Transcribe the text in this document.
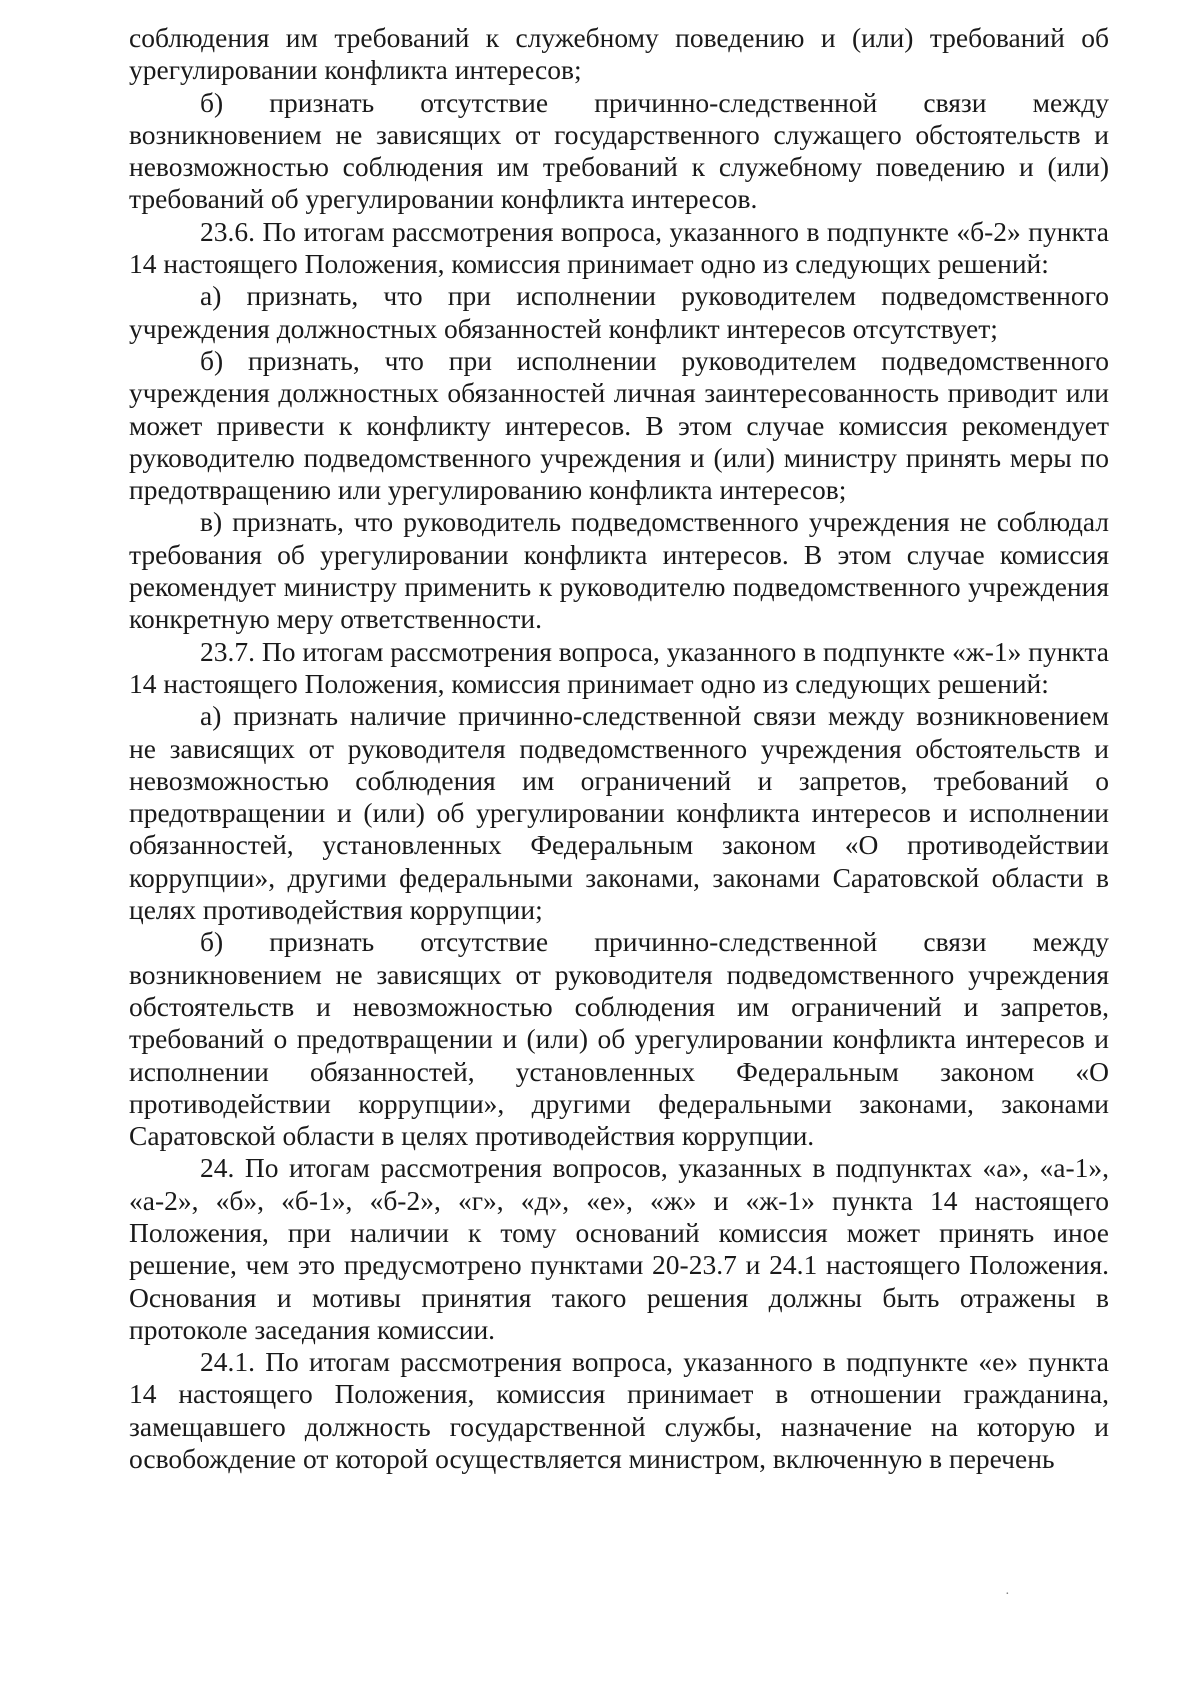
соблюдения им требований к служебному поведению и (или) требований об урегулировании конфликта интересов;

б) признать отсутствие причинно-следственной связи между возникновением не зависящих от государственного служащего обстоятельств и невозможностью соблюдения им требований к служебному поведению и (или) требований об урегулировании конфликта интересов.

23.6. По итогам рассмотрения вопроса, указанного в подпункте «б-2» пункта 14 настоящего Положения, комиссия принимает одно из следующих решений:

а) признать, что при исполнении руководителем подведомственного учреждения должностных обязанностей конфликт интересов отсутствует;

б) признать, что при исполнении руководителем подведомственного учреждения должностных обязанностей личная заинтересованность приводит или может привести к конфликту интересов. В этом случае комиссия рекомендует руководителю подведомственного учреждения и (или) министру принять меры по предотвращению или урегулированию конфликта интересов;

в) признать, что руководитель подведомственного учреждения не соблюдал требования об урегулировании конфликта интересов. В этом случае комиссия рекомендует министру применить к руководителю подведомственного учреждения конкретную меру ответственности.

23.7. По итогам рассмотрения вопроса, указанного в подпункте «ж-1» пункта 14 настоящего Положения, комиссия принимает одно из следующих решений:

а) признать наличие причинно-следственной связи между возникновением не зависящих от руководителя подведомственного учреждения обстоятельств и невозможностью соблюдения им ограничений и запретов, требований о предотвращении и (или) об урегулировании конфликта интересов и исполнении обязанностей, установленных Федеральным законом «О противодействии коррупции», другими федеральными законами, законами Саратовской области в целях противодействия коррупции;

б) признать отсутствие причинно-следственной связи между возникновением не зависящих от руководителя подведомственного учреждения обстоятельств и невозможностью соблюдения им ограничений и запретов, требований о предотвращении и (или) об урегулировании конфликта интересов и исполнении обязанностей, установленных Федеральным законом «О противодействии коррупции», другими федеральными законами, законами Саратовской области в целях противодействия коррупции.

24. По итогам рассмотрения вопросов, указанных в подпунктах «а», «а-1», «а-2», «б», «б-1», «б-2», «г», «д», «е», «ж» и «ж-1» пункта 14 настоящего Положения, при наличии к тому оснований комиссия может принять иное решение, чем это предусмотрено пунктами 20-23.7 и 24.1 настоящего Положения. Основания и мотивы принятия такого решения должны быть отражены в протоколе заседания комиссии.

24.1. По итогам рассмотрения вопроса, указанного в подпункте «е» пункта 14 настоящего Положения, комиссия принимает в отношении гражданина, замещавшего должность государственной службы, назначение на которую и освобождение от которой осуществляется министром, включенную в перечень

·
